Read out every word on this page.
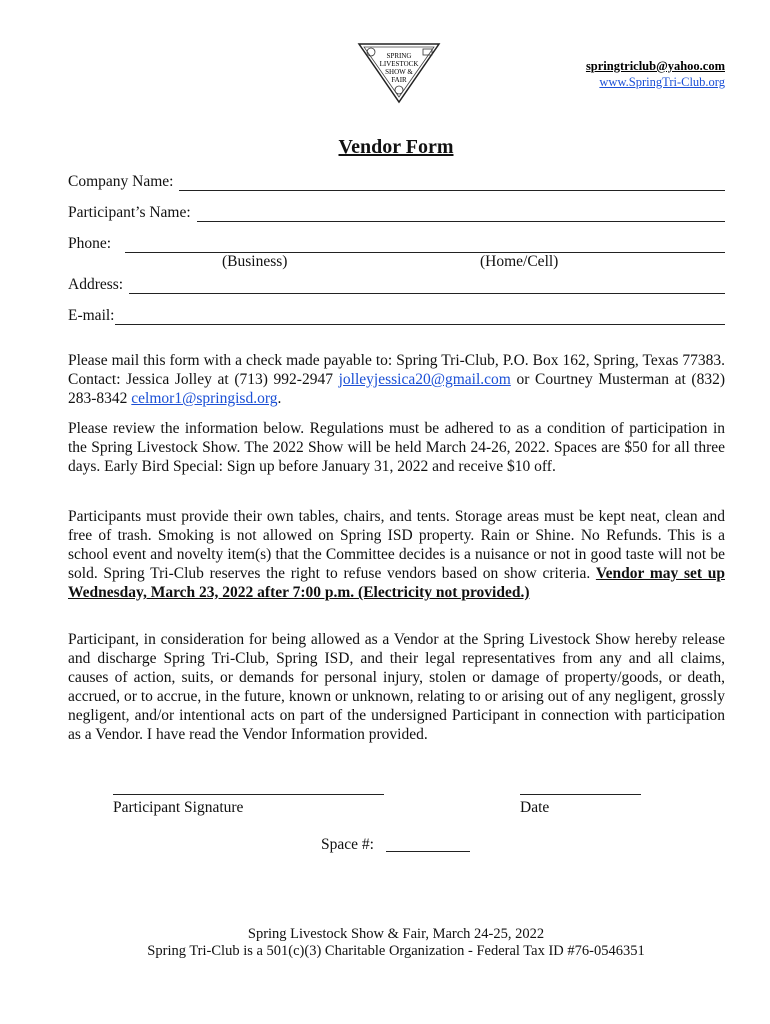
SPRING
LIVESTOCK
SHOW &
FAIR
springtriclub@yahoo.com
www.SpringTri-Club.org
Vendor Form
Company Name:
Participant’s Name:
Phone:
(Business)	(Home/Cell)
Address:
E-mail:
Please mail this form with a check made payable to: Spring Tri-Club, P.O. Box 162, Spring, Texas 77383. Contact: Jessica Jolley at (713) 992-2947 jolleyjessica20@gmail.com or Courtney Musterman at (832) 283-8342 celmor1@springisd.org.
Please review the information below. Regulations must be adhered to as a condition of participation in the Spring Livestock Show. The 2022 Show will be held March 24-26, 2022. Spaces are $50 for all three days. Early Bird Special: Sign up before January 31, 2022 and receive $10 off.
Participants must provide their own tables, chairs, and tents. Storage areas must be kept neat, clean and free of trash. Smoking is not allowed on Spring ISD property. Rain or Shine. No Refunds. This is a school event and novelty item(s) that the Committee decides is a nuisance or not in good taste will not be sold. Spring Tri-Club reserves the right to refuse vendors based on show criteria. Vendor may set up Wednesday, March 23, 2022 after 7:00 p.m. (Electricity not provided.)
Participant, in consideration for being allowed as a Vendor at the Spring Livestock Show hereby release and discharge Spring Tri-Club, Spring ISD, and their legal representatives from any and all claims, causes of action, suits, or demands for personal injury, stolen or damage of property/goods, or death, accrued, or to accrue, in the future, known or unknown, relating to or arising out of any negligent, grossly negligent, and/or intentional acts on part of the undersigned Participant in connection with participation as a Vendor. I have read the Vendor Information provided.
Participant Signature	Date
Space #:
Spring Livestock Show & Fair, March 24-25, 2022
Spring Tri-Club is a 501(c)(3) Charitable Organization - Federal Tax ID #76-0546351
